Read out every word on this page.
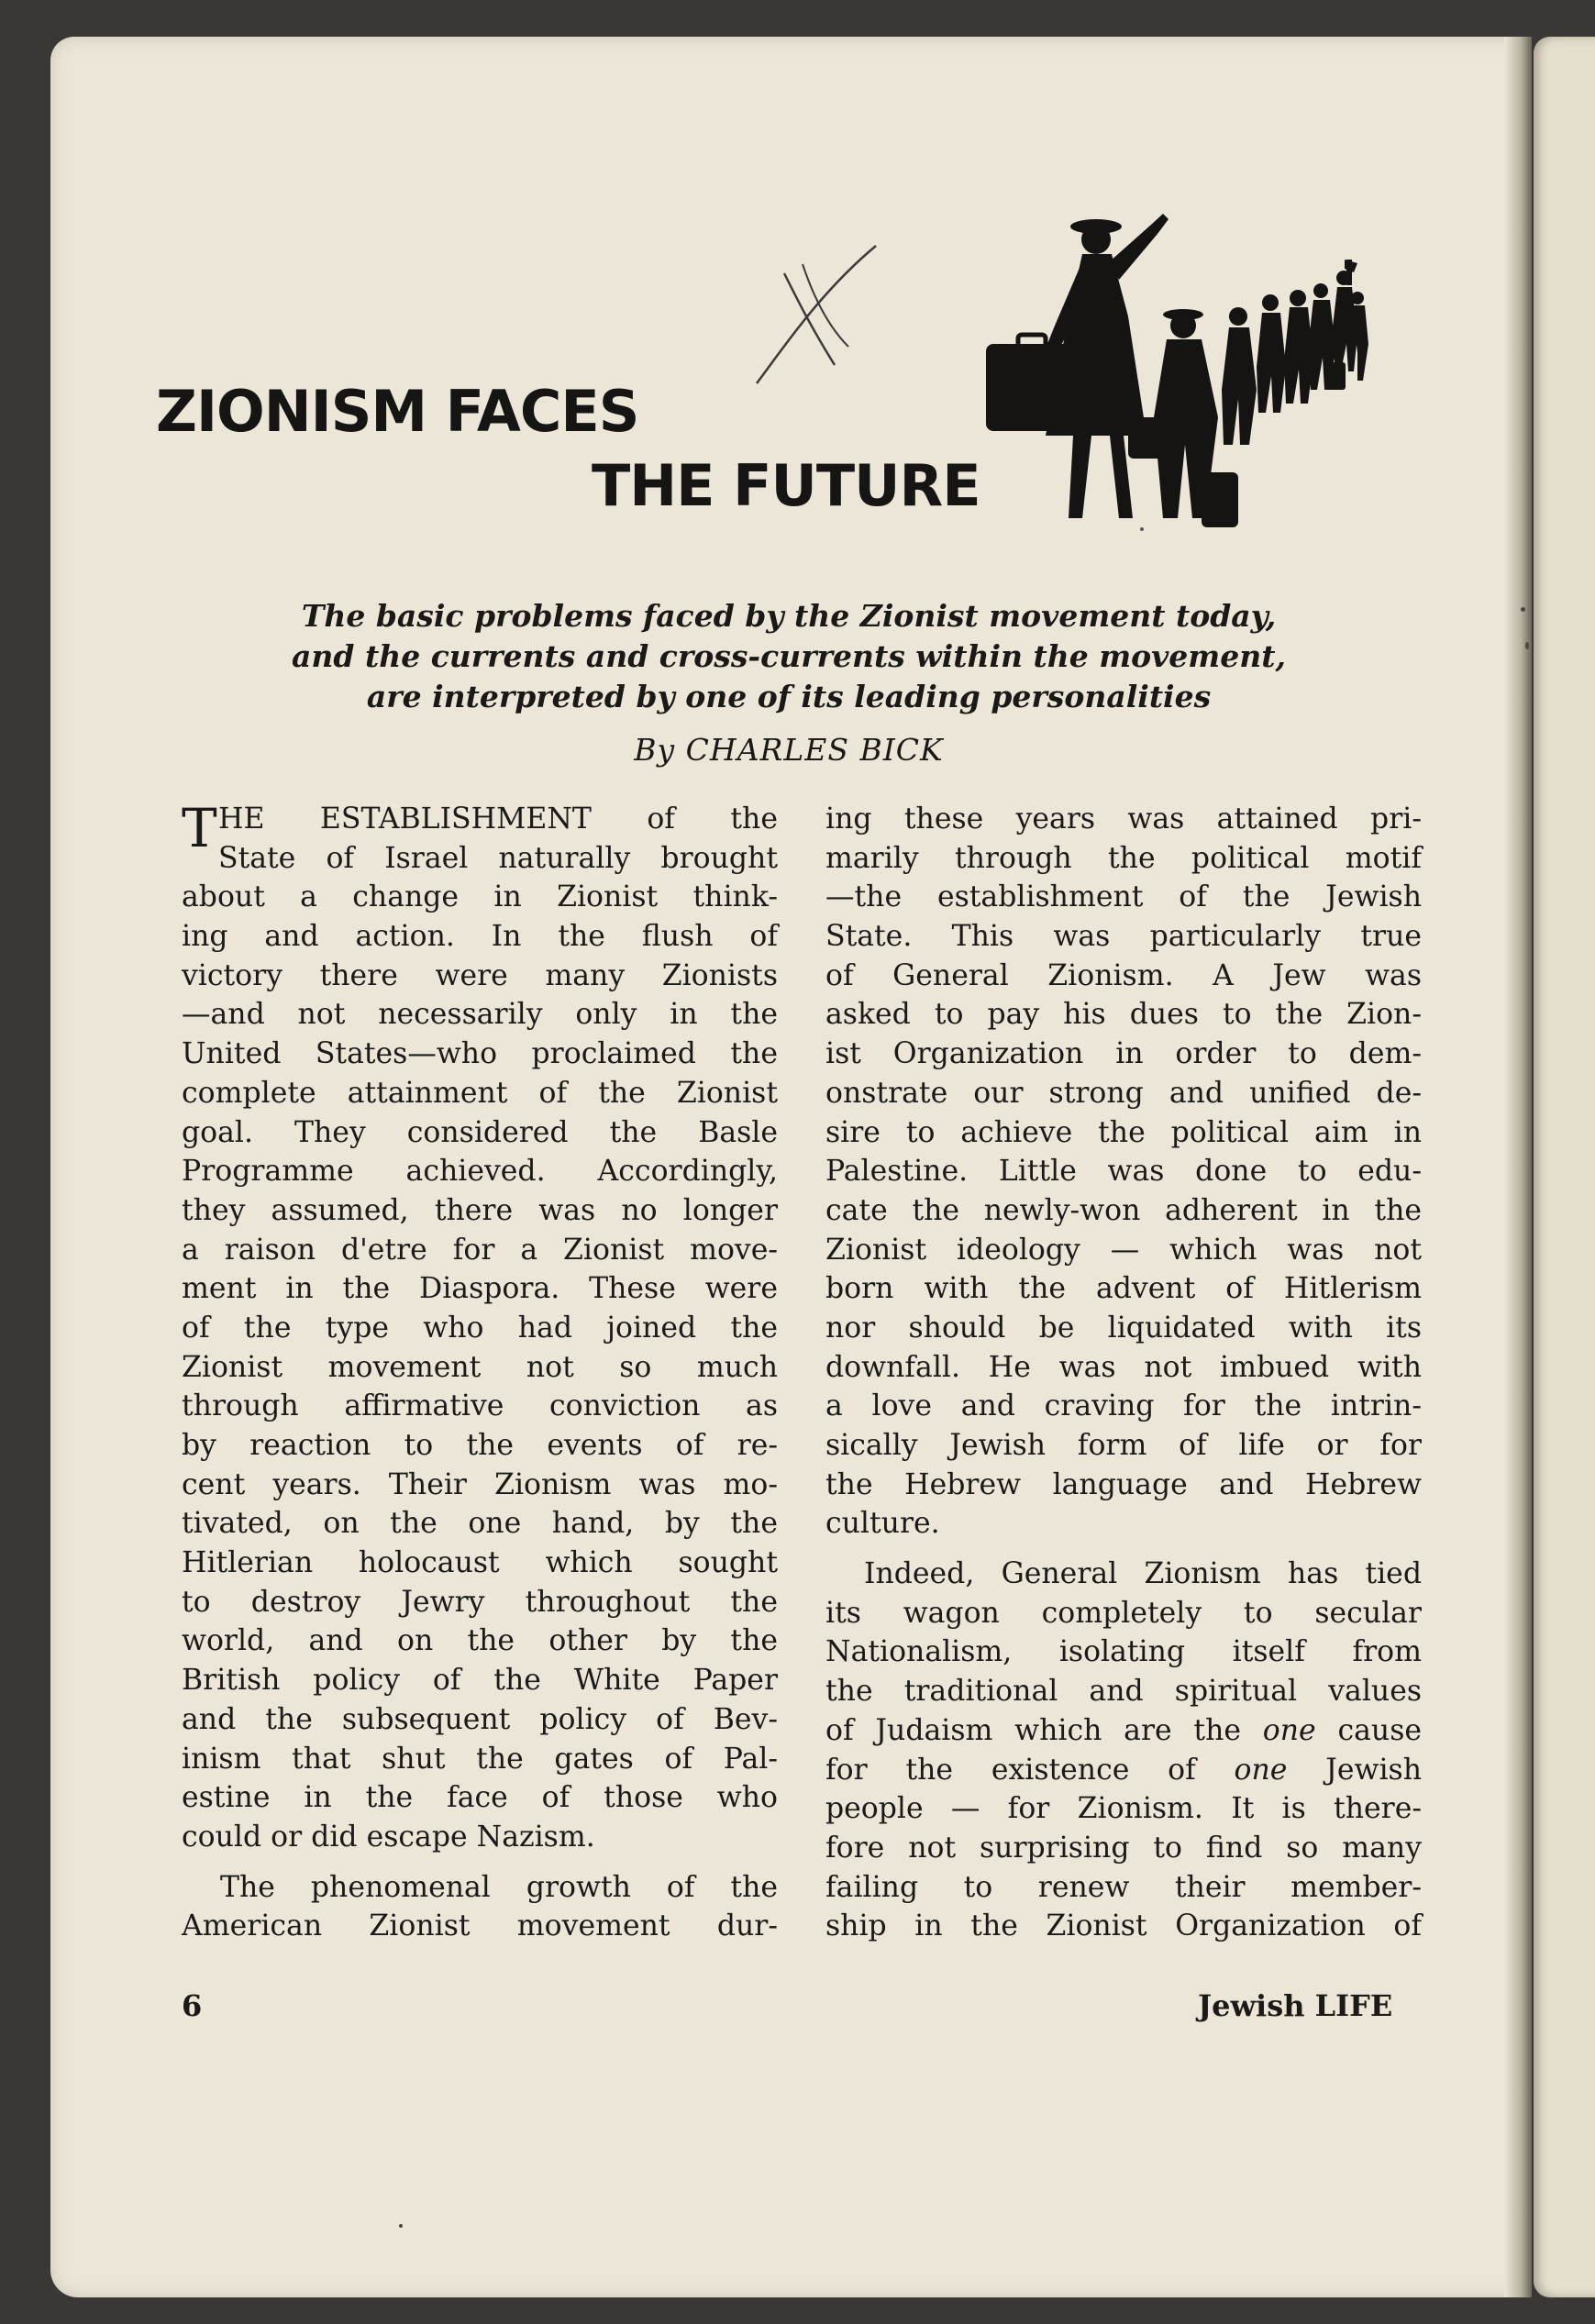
ZIONISM FACES
THE FUTURE
The basic problems faced by the Zionist movement today,
and the currents and cross-currents within the movement,
are interpreted by one of its leading personalities
By CHARLES BICK

T HE ESTABLISHMENT of the
State of Israel naturally brought
about a change in Zionist think-
ing and action. In the flush of
victory there were many Zionists
—and not necessarily only in the
United States—who proclaimed the
complete attainment of the Zionist
goal. They considered the Basle
Programme achieved. Accordingly,
they assumed, there was no longer
a raison d'etre for a Zionist move-
ment in the Diaspora. These were
of the type who had joined the
Zionist movement not so much
through affirmative conviction as
by reaction to the events of re-
cent years. Their Zionism was mo-
tivated, on the one hand, by the
Hitlerian holocaust which sought
to destroy Jewry throughout the
world, and on the other by the
British policy of the White Paper
and the subsequent policy of Bev-
inism that shut the gates of Pal-
estine in the face of those who
could or did escape Nazism.

The phenomenal growth of the
American Zionist movement dur-

ing these years was attained pri-
marily through the political motif
—the establishment of the Jewish
State. This was particularly true
of General Zionism. A Jew was
asked to pay his dues to the Zion-
ist Organization in order to dem-
onstrate our strong and unified de-
sire to achieve the political aim in
Palestine. Little was done to edu-
cate the newly-won adherent in the
Zionist ideology — which was not
born with the advent of Hitlerism
nor should be liquidated with its
downfall. He was not imbued with
a love and craving for the intrin-
sically Jewish form of life or for
the Hebrew language and Hebrew
culture.

Indeed, General Zionism has tied
its wagon completely to secular
Nationalism, isolating itself from
the traditional and spiritual values
of Judaism which are the one cause
for the existence of one Jewish
people — for Zionism. It is there-
fore not surprising to find so many
failing to renew their member-
ship in the Zionist Organization of

6	Jewish LIFE
